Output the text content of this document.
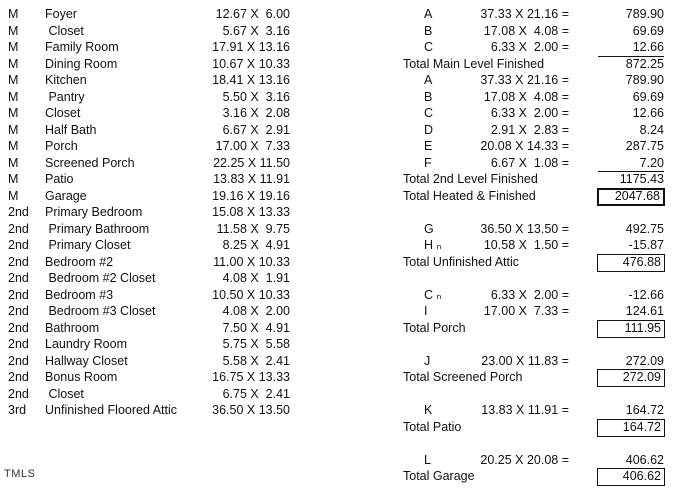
M Foyer	12.67 X  6.00
M Closet	5.67 X  3.16
M Family Room	17.91 X 13.16
M Dining Room	10.67 X 10.33
M Kitchen	18.41 X 13.16
M Pantry	5.50 X  3.16
M Closet	3.16 X  2.08
M Half Bath	6.67 X  2.91
M Porch	17.00 X  7.33
M Screened Porch	22.25 X 11.50
M Patio	13.83 X 11.91
M Garage	19.16 X 19.16
2nd Primary Bedroom	15.08 X 13.33
2nd Primary Bathroom	11.58 X  9.75
2nd Primary Closet	8.25 X  4.91
2nd Bedroom #2	11.00 X 10.33
2nd Bedroom #2 Closet	4.08 X  1.91
2nd Bedroom #3	10.50 X 10.33
2nd Bedroom #3 Closet	4.08 X  2.00
2nd Bathroom	7.50 X  4.91
2nd Laundry Room	5.75 X  5.58
2nd Hallway Closet	5.58 X  2.41
2nd Bonus Room	16.75 X 13.33
2nd Closet	6.75 X  2.41
3rd Unfinished Floored Attic	36.50 X 13.50
A	37.33 X 21.16 =	789.90
B	17.08 X  4.08 =	69.69
C	6.33 X  2.00 =	12.66
Total Main Level Finished	872.25
A	37.33 X 21.16 =	789.90
B	17.08 X  4.08 =	69.69
C	6.33 X  2.00 =	12.66
D	2.91 X  2.83 =	8.24
E	20.08 X 14.33 =	287.75
F	6.67 X  1.08 =	7.20
Total 2nd Level Finished	1175.43
Total Heated & Finished	2047.68
G	36.50 X 13.50 =	492.75
H ₙ	10.58 X  1.50 =	-15.87
Total Unfinished Attic	476.88
C ₙ	6.33 X  2.00 =	-12.66
I	17.00 X  7.33 =	124.61
Total Porch	111.95
J	23.00 X 11.83 =	272.09
Total Screened Porch	272.09
K	13.83 X 11.91 =	164.72
Total Patio	164.72
L	20.25 X 20.08 =	406.62
Total Garage	406.62
TMLS
